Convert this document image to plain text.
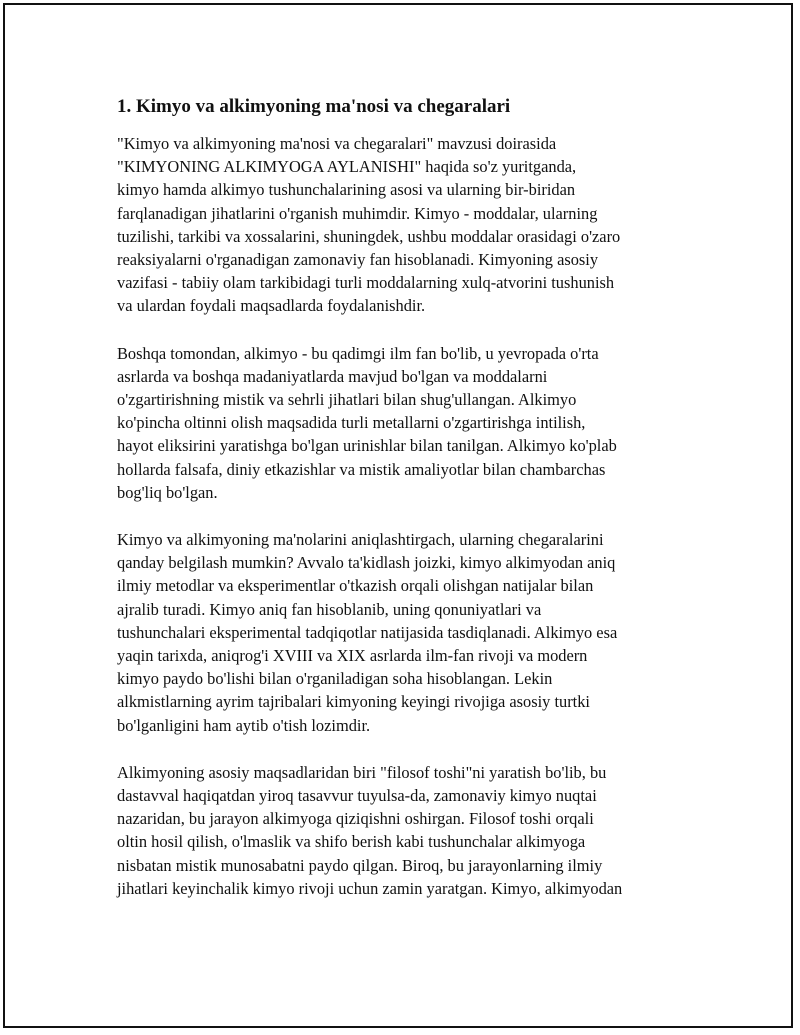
1. Kimyo va alkimyoning ma'nosi va chegaralari
"Kimyo va alkimyoning ma'nosi va chegaralari" mavzusi doirasida
"KIMYONING ALKIMYOGA AYLANISHI" haqida so'z yuritganda,
kimyo hamda alkimyo tushunchalarining asosi va ularning bir-biridan
farqlanadigan jihatlarini o'rganish muhimdir. Kimyo - moddalar, ularning
tuzilishi, tarkibi va xossalarini, shuningdek, ushbu moddalar orasidagi o'zaro
reaksiyalarni o'rganadigan zamonaviy fan hisoblanadi. Kimyoning asosiy
vazifasi - tabiiy olam tarkibidagi turli moddalarning xulq-atvorini tushunish
va ulardan foydali maqsadlarda foydalanishdir.
Boshqa tomondan, alkimyo - bu qadimgi ilm fan bo'lib, u yevropada o'rta
asrlarda va boshqa madaniyatlarda mavjud bo'lgan va moddalarni
o'zgartirishning mistik va sehrli jihatlari bilan shug'ullangan. Alkimyo
ko'pincha oltinni olish maqsadida turli metallarni o'zgartirishga intilish,
hayot eliksirini yaratishga bo'lgan urinishlar bilan tanilgan. Alkimyo ko'plab
hollarda falsafa, diniy etkazishlar va mistik amaliyotlar bilan chambarchas
bog'liq bo'lgan.
Kimyo va alkimyoning ma'nolarini aniqlashtirgach, ularning chegaralarini
qanday belgilash mumkin? Avvalo ta'kidlash joizki, kimyo alkimyodan aniq
ilmiy metodlar va eksperimentlar o'tkazish orqali olishgan natijalar bilan
ajralib turadi. Kimyo aniq fan hisoblanib, uning qonuniyatlari va
tushunchalari eksperimental tadqiqotlar natijasida tasdiqlanadi. Alkimyo esa
yaqin tarixda, aniqrog'i XVIII va XIX asrlarda ilm-fan rivoji va modern
kimyo paydo bo'lishi bilan o'rganiladigan soha hisoblangan. Lekin
alkmistlarning ayrim tajribalari kimyoning keyingi rivojiga asosiy turtki
bo'lganligini ham aytib o'tish lozimdir.
Alkimyoning asosiy maqsadlaridan biri "filosof toshi"ni yaratish bo'lib, bu
dastavval haqiqatdan yiroq tasavvur tuyulsa-da, zamonaviy kimyo nuqtai
nazaridan, bu jarayon alkimyoga qiziqishni oshirgan. Filosof toshi orqali
oltin hosil qilish, o'lmaslik va shifo berish kabi tushunchalar alkimyoga
nisbatan mistik munosabatni paydo qilgan. Biroq, bu jarayonlarning ilmiy
jihatlari keyinchalik kimyo rivoji uchun zamin yaratgan. Kimyo, alkimyodan
